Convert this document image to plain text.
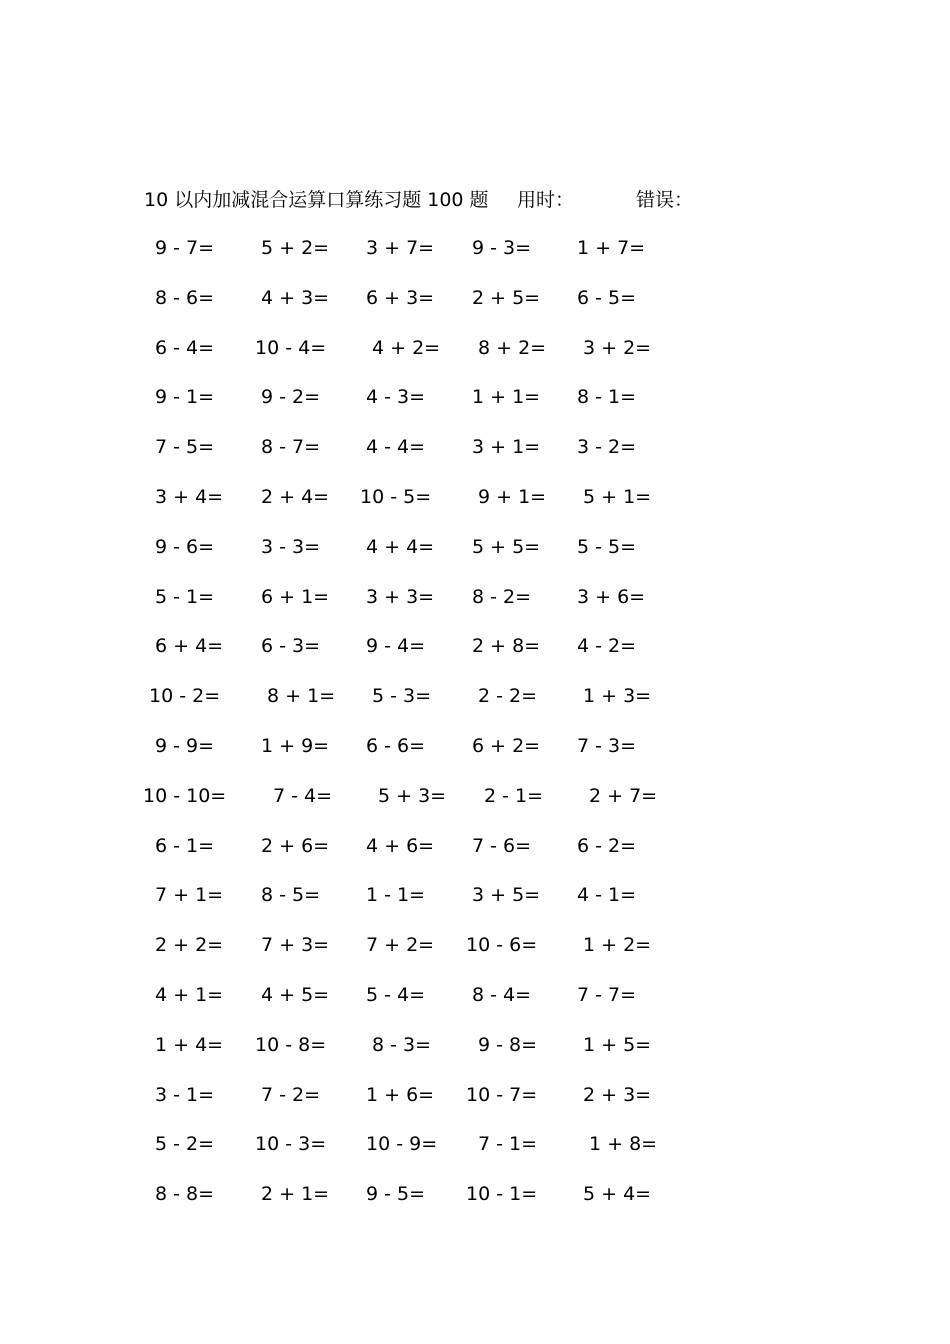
10 以内加减混合运算口算练习题 100 题 用时：	错误：
9 - 7= 5 + 2= 3 + 7= 9 - 3= 1 + 7=
8 - 6= 4 + 3= 6 + 3= 2 + 5= 6 - 5=
6 - 4= 10 - 4= 4 + 2= 8 + 2= 3 + 2=
9 - 1= 9 - 2= 4 - 3= 1 + 1= 8 - 1=
7 - 5= 8 - 7= 4 - 4= 3 + 1= 3 - 2=
3 + 4= 2 + 4= 10 - 5= 9 + 1= 5 + 1=
9 - 6= 3 - 3= 4 + 4= 5 + 5= 5 - 5=
5 - 1= 6 + 1= 3 + 3= 8 - 2= 3 + 6=
6 + 4= 6 - 3= 9 - 4= 2 + 8= 4 - 2=
10 - 2= 8 + 1= 5 - 3= 2 - 2= 1 + 3=
9 - 9= 1 + 9= 6 - 6= 6 + 2= 7 - 3=
10 - 10= 7 - 4= 5 + 3= 2 - 1= 2 + 7=
6 - 1= 2 + 6= 4 + 6= 7 - 6= 6 - 2=
7 + 1= 8 - 5= 1 - 1= 3 + 5= 4 - 1=
2 + 2= 7 + 3= 7 + 2= 10 - 6= 1 + 2=
4 + 1= 4 + 5= 5 - 4= 8 - 4= 7 - 7=
1 + 4= 10 - 8= 8 - 3= 9 - 8= 1 + 5=
3 - 1= 7 - 2= 1 + 6= 10 - 7= 2 + 3=
5 - 2= 10 - 3= 10 - 9= 7 - 1=	1 + 8=
8 - 8= 2 + 1= 9 - 5= 10 - 1= 5 + 4=
